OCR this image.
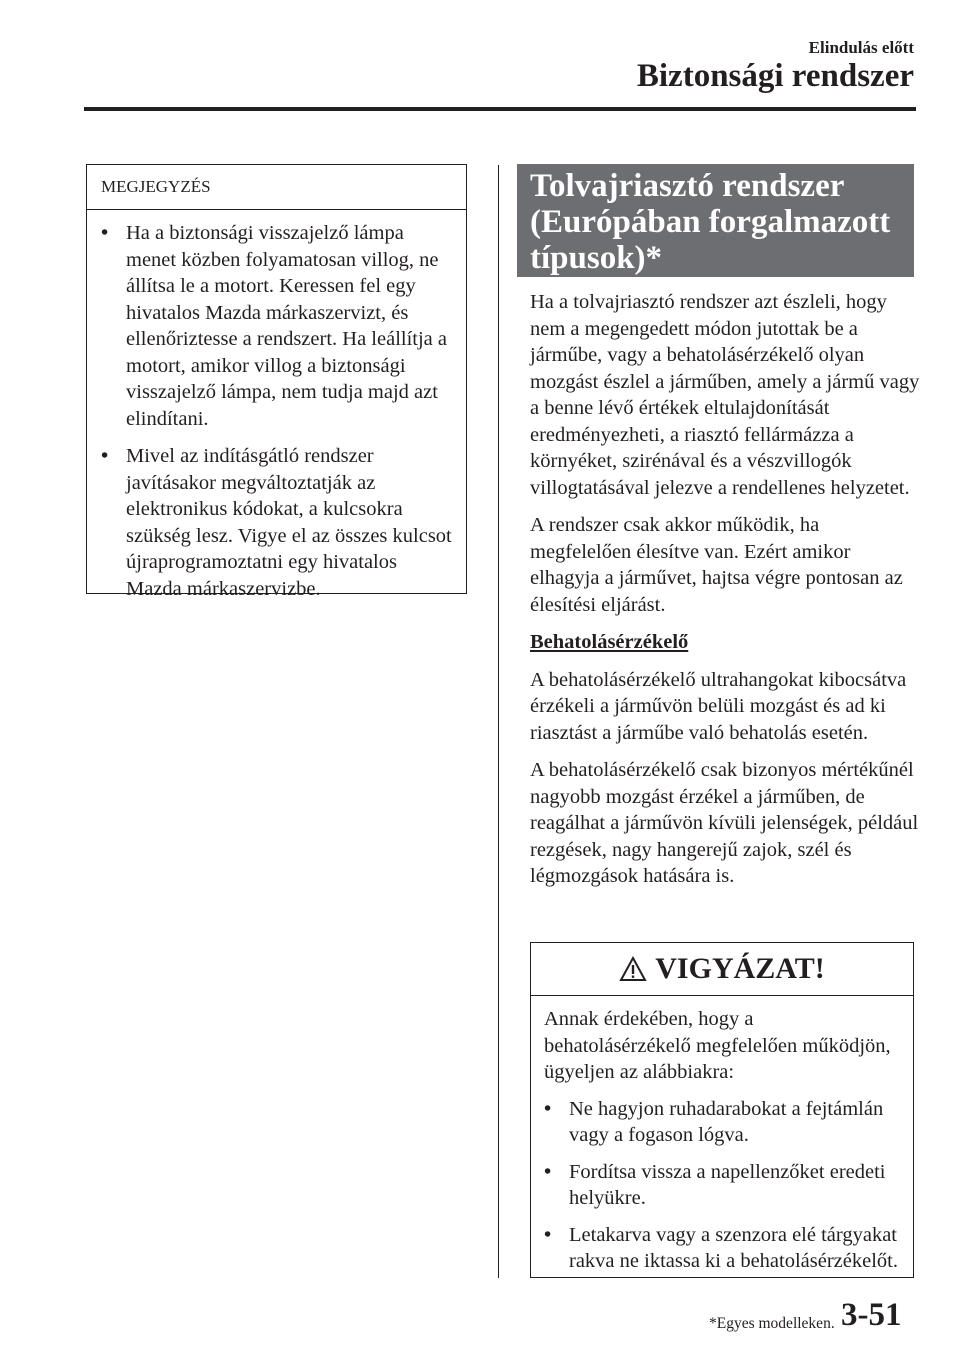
Elindulás előtt
Biztonsági rendszer
MEGJEGYZÉS
• Ha a biztonsági visszajelző lámpa menet közben folyamatosan villog, ne állítsa le a motort. Keressen fel egy hivatalos Mazda márkaszervizt, és ellenőriztesse a rendszert. Ha leállítja a motort, amikor villog a biztonsági visszajelző lámpa, nem tudja majd azt elindítani.
• Mivel az indításgátló rendszer javításakor megváltoztatják az elektronikus kódokat, a kulcsokra szükség lesz. Vigye el az összes kulcsot újraprogramoztatni egy hivatalos Mazda márkaszervizbe.
Tolvajriasztó rendszer (Európában forgalmazott típusok)*

Ha a tolvajriasztó rendszer azt észleli, hogy nem a megengedett módon jutottak be a járműbe, vagy a behatolásérzékelő olyan mozgást észlel a járműben, amely a jármű vagy a benne lévő értékek eltulajdonítását eredményezheti, a riasztó fellármázza a környéket, szirénával és a vészvillogók villogtatásával jelezve a rendellenes helyzetet.

A rendszer csak akkor működik, ha megfelelően élesítve van. Ezért amikor elhagyja a járművet, hajtsa végre pontosan az élesítési eljárást.

Behatolásérzékelő

A behatolásérzékelő ultrahangokat kibocsátva érzékeli a járművön belüli mozgást és ad ki riasztást a járműbe való behatolás esetén.

A behatolásérzékelő csak bizonyos mértékűnél nagyobb mozgást érzékel a járműben, de reagálhat a járművön kívüli jelenségek, például rezgések, nagy hangerejű zajok, szél és légmozgások hatására is.

VIGYÁZAT!
Annak érdekében, hogy a behatolásérzékelő megfelelően működjön, ügyeljen az alábbiakra:
• Ne hagyjon ruhadarabokat a fejtámlán vagy a fogason lógva.
• Fordítsa vissza a napellenzőket eredeti helyükre.
• Letakarva vagy a szenzora elé tárgyakat rakva ne iktassa ki a behatolásérzékelőt.
*Egyes modelleken. 3-51
